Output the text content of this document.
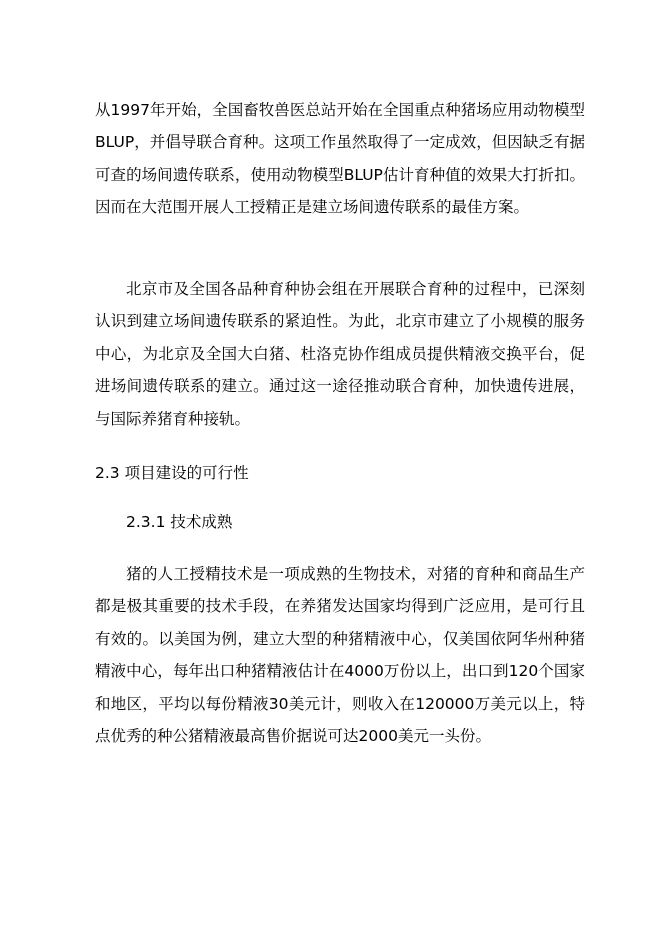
从1997年开始，全国畜牧兽医总站开始在全国重点种猪场应用动物模型BLUP，并倡导联合育种。这项工作虽然取得了一定成效，但因缺乏有据可查的场间遗传联系，使用动物模型BLUP估计育种值的效果大打折扣。因而在大范围开展人工授精正是建立场间遗传联系的最佳方案。

北京市及全国各品种育种协会组在开展联合育种的过程中，已深刻认识到建立场间遗传联系的紧迫性。为此，北京市建立了小规模的服务中心，为北京及全国大白猪、杜洛克协作组成员提供精液交换平台，促进场间遗传联系的建立。通过这一途径推动联合育种，加快遗传进展，与国际养猪育种接轨。

2.3 项目建设的可行性
2.3.1 技术成熟

猪的人工授精技术是一项成熟的生物技术，对猪的育种和商品生产都是极其重要的技术手段，在养猪发达国家均得到广泛应用，是可行且有效的。以美国为例，建立大型的种猪精液中心，仅美国依阿华州种猪精液中心，每年出口种猪精液估计在4000万份以上，出口到120个国家和地区，平均以每份精液30美元计，则收入在120000万美元以上，特点优秀的种公猪精液最高售价据说可达2000美元一头份。
